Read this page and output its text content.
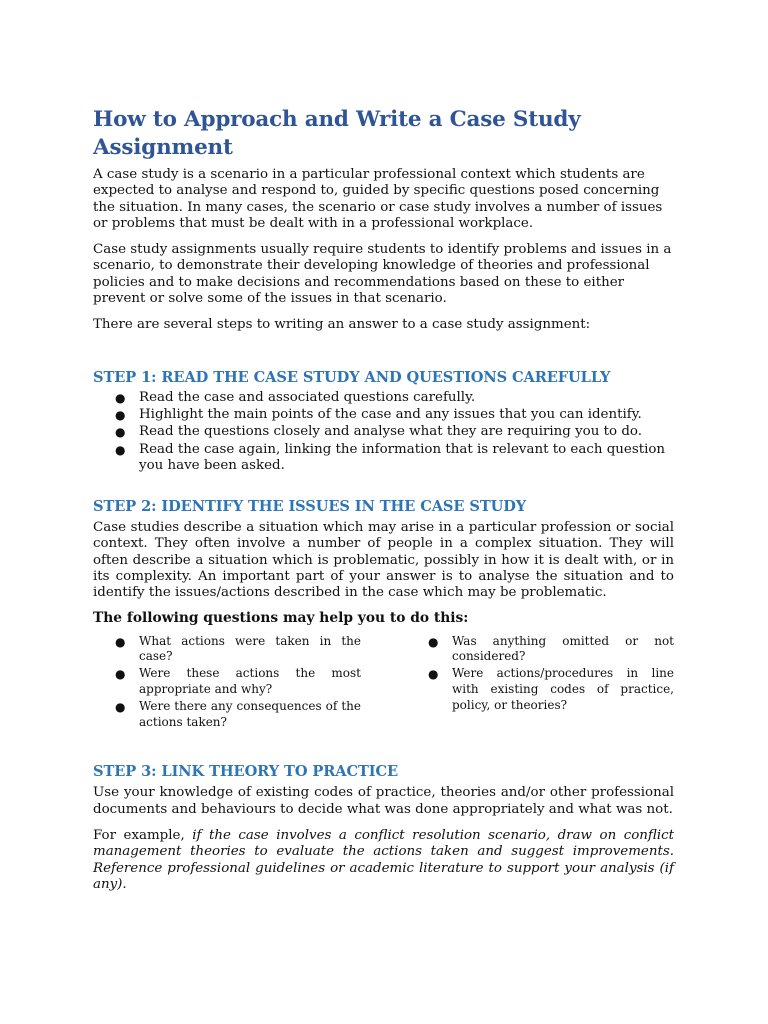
How to Approach and Write a Case Study Assignment

A case study is a scenario in a particular professional context which students are expected to analyse and respond to, guided by specific questions posed concerning the situation. In many cases, the scenario or case study involves a number of issues or problems that must be dealt with in a professional workplace.

Case study assignments usually require students to identify problems and issues in a scenario, to demonstrate their developing knowledge of theories and professional policies and to make decisions and recommendations based on these to either prevent or solve some of the issues in that scenario.

There are several steps to writing an answer to a case study assignment:

STEP 1: READ THE CASE STUDY AND QUESTIONS CAREFULLY
● Read the case and associated questions carefully.
● Highlight the main points of the case and any issues that you can identify.
● Read the questions closely and analyse what they are requiring you to do.
● Read the case again, linking the information that is relevant to each question you have been asked.
STEP 2: IDENTIFY THE ISSUES IN THE CASE STUDY

Case studies describe a situation which may arise in a particular profession or social context. They often involve a number of people in a complex situation. They will often describe a situation which is problematic, possibly in how it is dealt with, or in its complexity. An important part of your answer is to analyse the situation and to identify the issues/actions described in the case which may be problematic.

The following questions may help you to do this:

● What actions were taken in the case?
● Were these actions the most appropriate and why?
● Were there any consequences of the actions taken?
● Was anything omitted or not considered?
● Were actions/procedures in line with existing codes of practice, policy, or theories?
STEP 3: LINK THEORY TO PRACTICE

Use your knowledge of existing codes of practice, theories and/or other professional documents and behaviours to decide what was done appropriately and what was not.

For example, if the case involves a conflict resolution scenario, draw on conflict management theories to evaluate the actions taken and suggest improvements. Reference professional guidelines or academic literature to support your analysis (if any).
